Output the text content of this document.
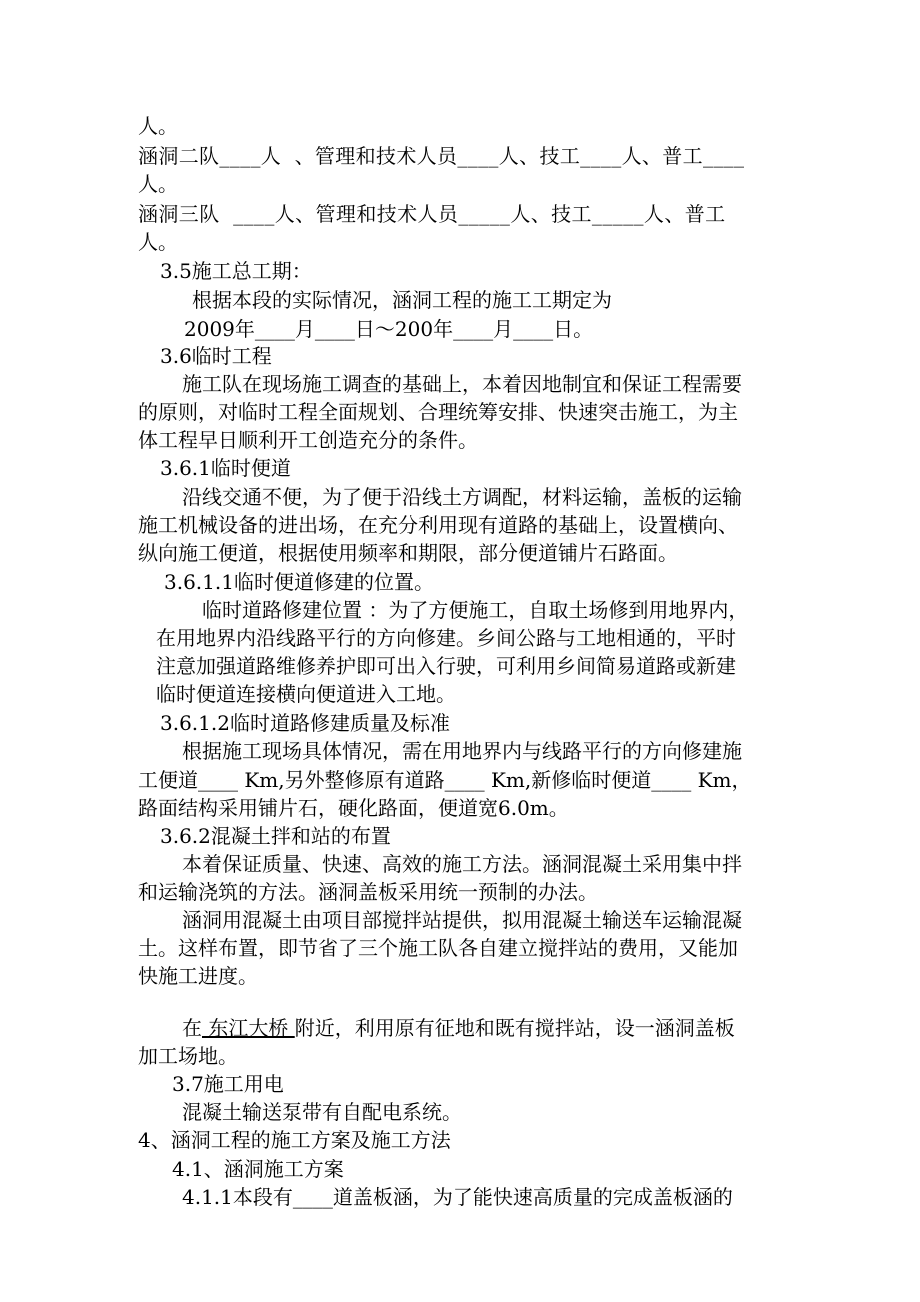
人。

涵洞二队____人  、管理和技术人员____人、技工____人、普工____

人。

涵洞三队  ____人、管理和技术人员_____人、技工_____人、普工

人。

3.5施工总工期：

根据本段的实际情况，涵洞工程的施工工期定为

2009年____月____日～200年____月____日。

3.6临时工程

施工队在现场施工调查的基础上，本着因地制宜和保证工程需要

的原则，对临时工程全面规划、合理统筹安排、快速突击施工，为主

体工程早日顺利开工创造充分的条件。

3.6.1临时便道

沿线交通不便，为了便于沿线土方调配，材料运输，盖板的运输

施工机械设备的进出场，在充分利用现有道路的基础上，设置横向、

纵向施工便道，根据使用频率和期限，部分便道铺片石路面。

3.6.1.1临时便道修建的位置。

临时道路修建位置 ：为了方便施工，自取土场修到用地界内，

在用地界内沿线路平行的方向修建。乡间公路与工地相通的，平时

注意加强道路维修养护即可出入行驶，可利用乡间简易道路或新建

临时便道连接横向便道进入工地。

3.6.1.2临时道路修建质量及标准

根据施工现场具体情况，需在用地界内与线路平行的方向修建施

工便道____ Km,另外整修原有道路____ Km,新修临时便道____ Km，

路面结构采用铺片石，硬化路面，便道宽6.0m。

3.6.2混凝土拌和站的布置

本着保证质量、快速、高效的施工方法。涵洞混凝土采用集中拌

和运输浇筑的方法。涵洞盖板采用统一预制的办法。

涵洞用混凝土由项目部搅拌站提供，拟用混凝土输送车运输混凝

土。这样布置，即节省了三个施工队各自建立搅拌站的费用，又能加

快施工进度。

在 东江大桥 附近，利用原有征地和既有搅拌站，设一涵洞盖板

加工场地。

3.7施工用电

混凝土输送泵带有自配电系统。

4、涵洞工程的施工方案及施工方法

4.1、涵洞施工方案

4.1.1本段有____道盖板涵，为了能快速高质量的完成盖板涵的
